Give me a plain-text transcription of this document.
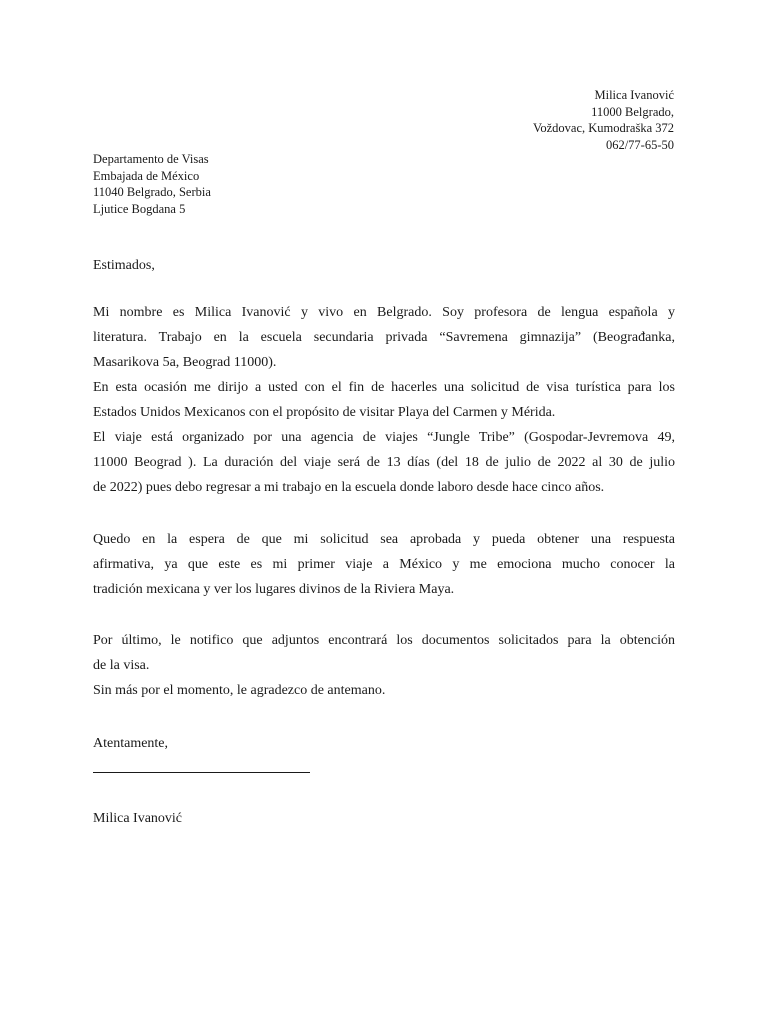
Milica Ivanović
11000 Belgrado,
Voždovac, Kumodraška 372
062/77-65-50
Departamento de Visas
Embajada de México
11040 Belgrado, Serbia
Ljutice Bogdana 5
Estimados,
Mi nombre es Milica Ivanović y vivo en Belgrado. Soy profesora de lengua española y
literatura. Trabajo en la escuela secundaria privada “Savremena gimnazija” (Beograđanka,
Masarikova 5a, Beograd 11000).
En esta ocasión me dirijo a usted con el fin de hacerles una solicitud de visa turística para los
Estados Unidos Mexicanos con el propósito de visitar Playa del Carmen y Mérida.
El viaje está organizado por una agencia de viajes “Jungle Tribe” (Gospodar-Jevremova 49,
11000 Beograd ). La duración del viaje será de 13 días (del 18 de julio de 2022 al 30 de julio
de 2022) pues debo regresar a mi trabajo en la escuela donde laboro desde hace cinco años.
Quedo en la espera de que mi solicitud sea aprobada y pueda obtener una respuesta
afirmativa, ya que este es mi primer viaje a México y me emociona mucho conocer la
tradición mexicana y ver los lugares divinos de la Riviera Maya.
Por último, le notifico que adjuntos encontrará los documentos solicitados para la obtención
de la visa.
Sin más por el momento, le agradezco de antemano.
Atentamente,
Milica Ivanović
